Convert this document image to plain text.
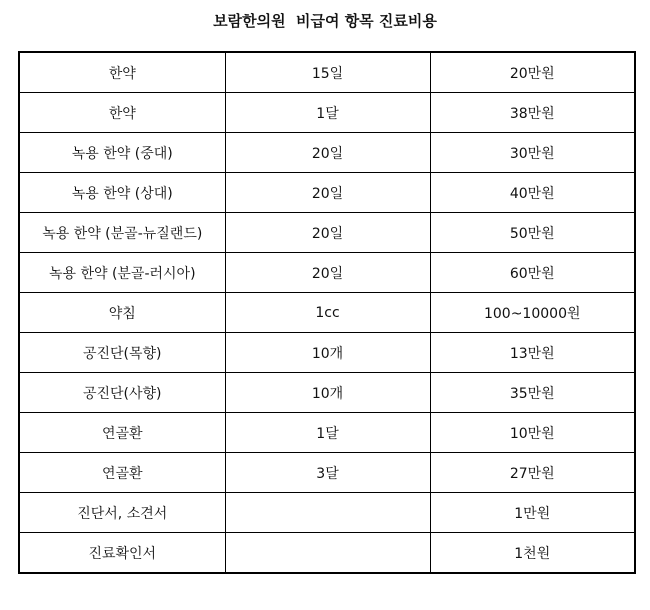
보람한의원  비급여 항목 진료비용
한약	15일	20만원
한약	1달	38만원
녹용 한약 (중대)	20일	30만원
녹용 한약 (상대)	20일	40만원
녹용 한약 (분골-뉴질랜드)	20일	50만원
녹용 한약 (분골-러시아)	20일	60만원
약침	1cc	100~10000원
공진단(목향)	10개	13만원
공진단(사향)	10개	35만원
연골환	1달	10만원
연골환	3달	27만원
진단서, 소견서		1만원
진료확인서		1천원
